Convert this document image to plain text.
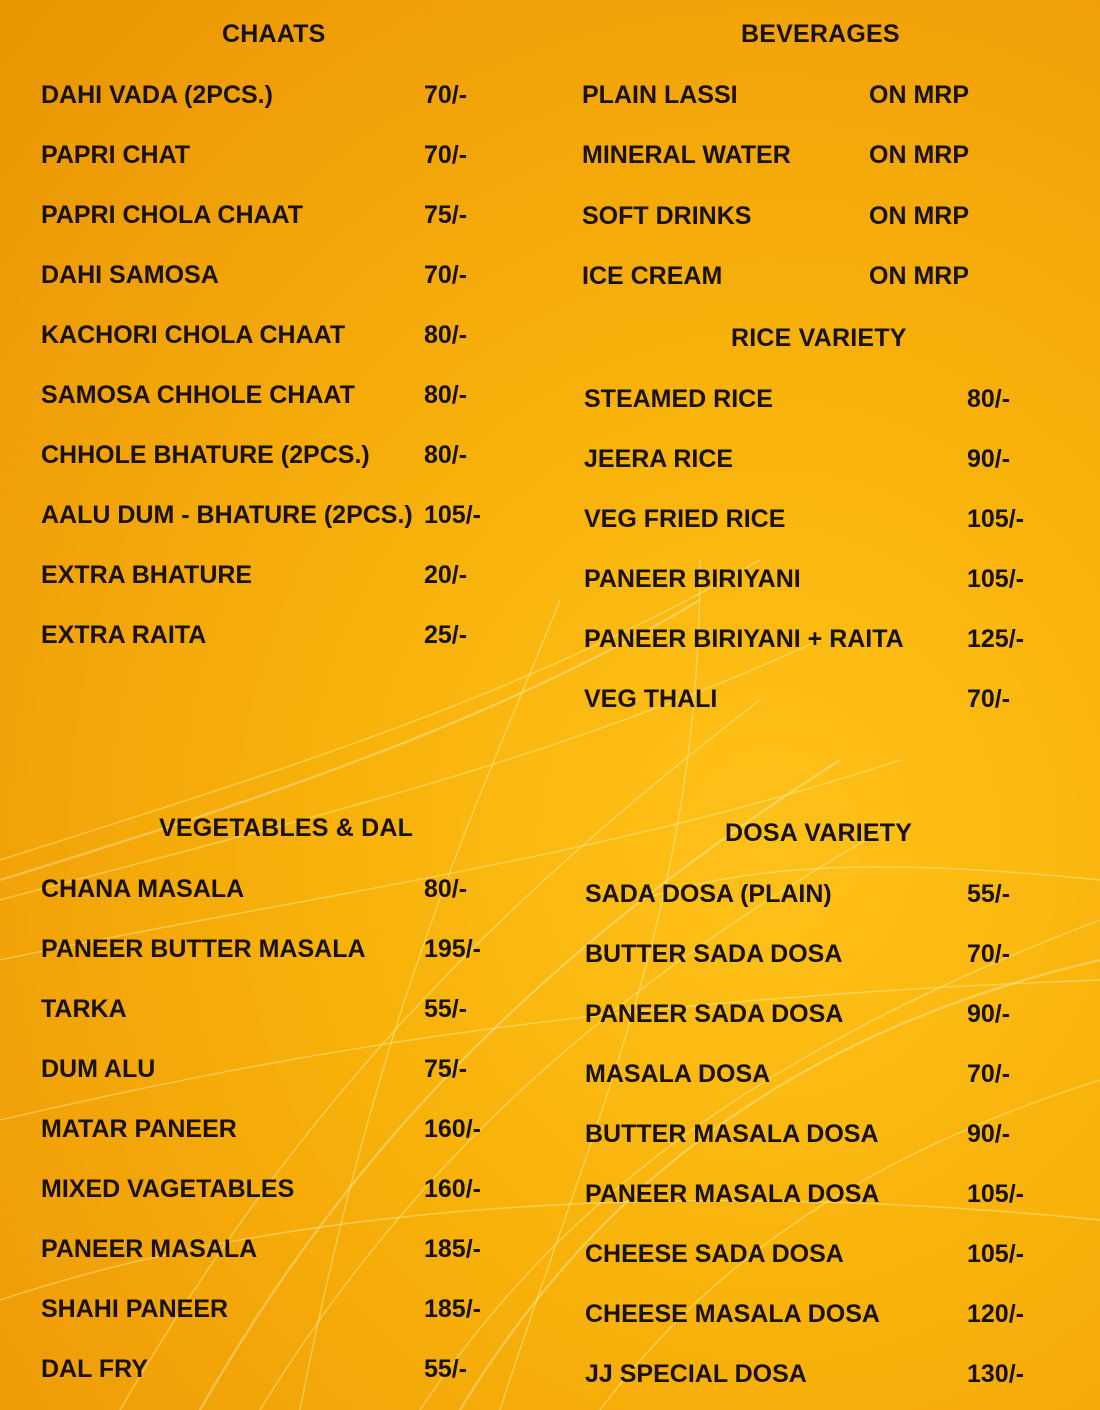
CHAATS
DAHI VADA (2PCS.)	70/-
PAPRI CHAT	70/-
PAPRI CHOLA CHAAT	75/-
DAHI SAMOSA	70/-
KACHORI CHOLA CHAAT	80/-
SAMOSA CHHOLE CHAAT	80/-
CHHOLE BHATURE (2PCS.) 80/-
AALU DUM - BHATURE (2PCS.) 105/-
EXTRA BHATURE	20/-
EXTRA RAITA	25/-
BEVERAGES
PLAIN LASSI	ON MRP
MINERAL WATER	ON MRP
SOFT DRINKS	ON MRP
ICE CREAM	ON MRP
RICE VARIETY
STEAMED RICE	80/-
JEERA RICE	90/-
VEG FRIED RICE	105/-
PANEER BIRIYANI	105/-
PANEER BIRIYANI + RAITA	125/-
VEG THALI	70/-
VEGETABLES & DAL
CHANA MASALA	80/-
PANEER BUTTER MASALA 195/-
TARKA	55/-
DUM ALU	75/-
MATAR PANEER	160/-
MIXED VAGETABLES	160/-
PANEER MASALA	185/-
SHAHI PANEER	185/-
DAL FRY	55/-
DOSA VARIETY
SADA DOSA (PLAIN)	55/-
BUTTER SADA DOSA	70/-
PANEER SADA DOSA	90/-
MASALA DOSA	70/-
BUTTER MASALA DOSA	90/-
PANEER MASALA DOSA	105/-
CHEESE SADA DOSA	105/-
CHEESE MASALA DOSA	120/-
JJ SPECIAL DOSA	130/-
